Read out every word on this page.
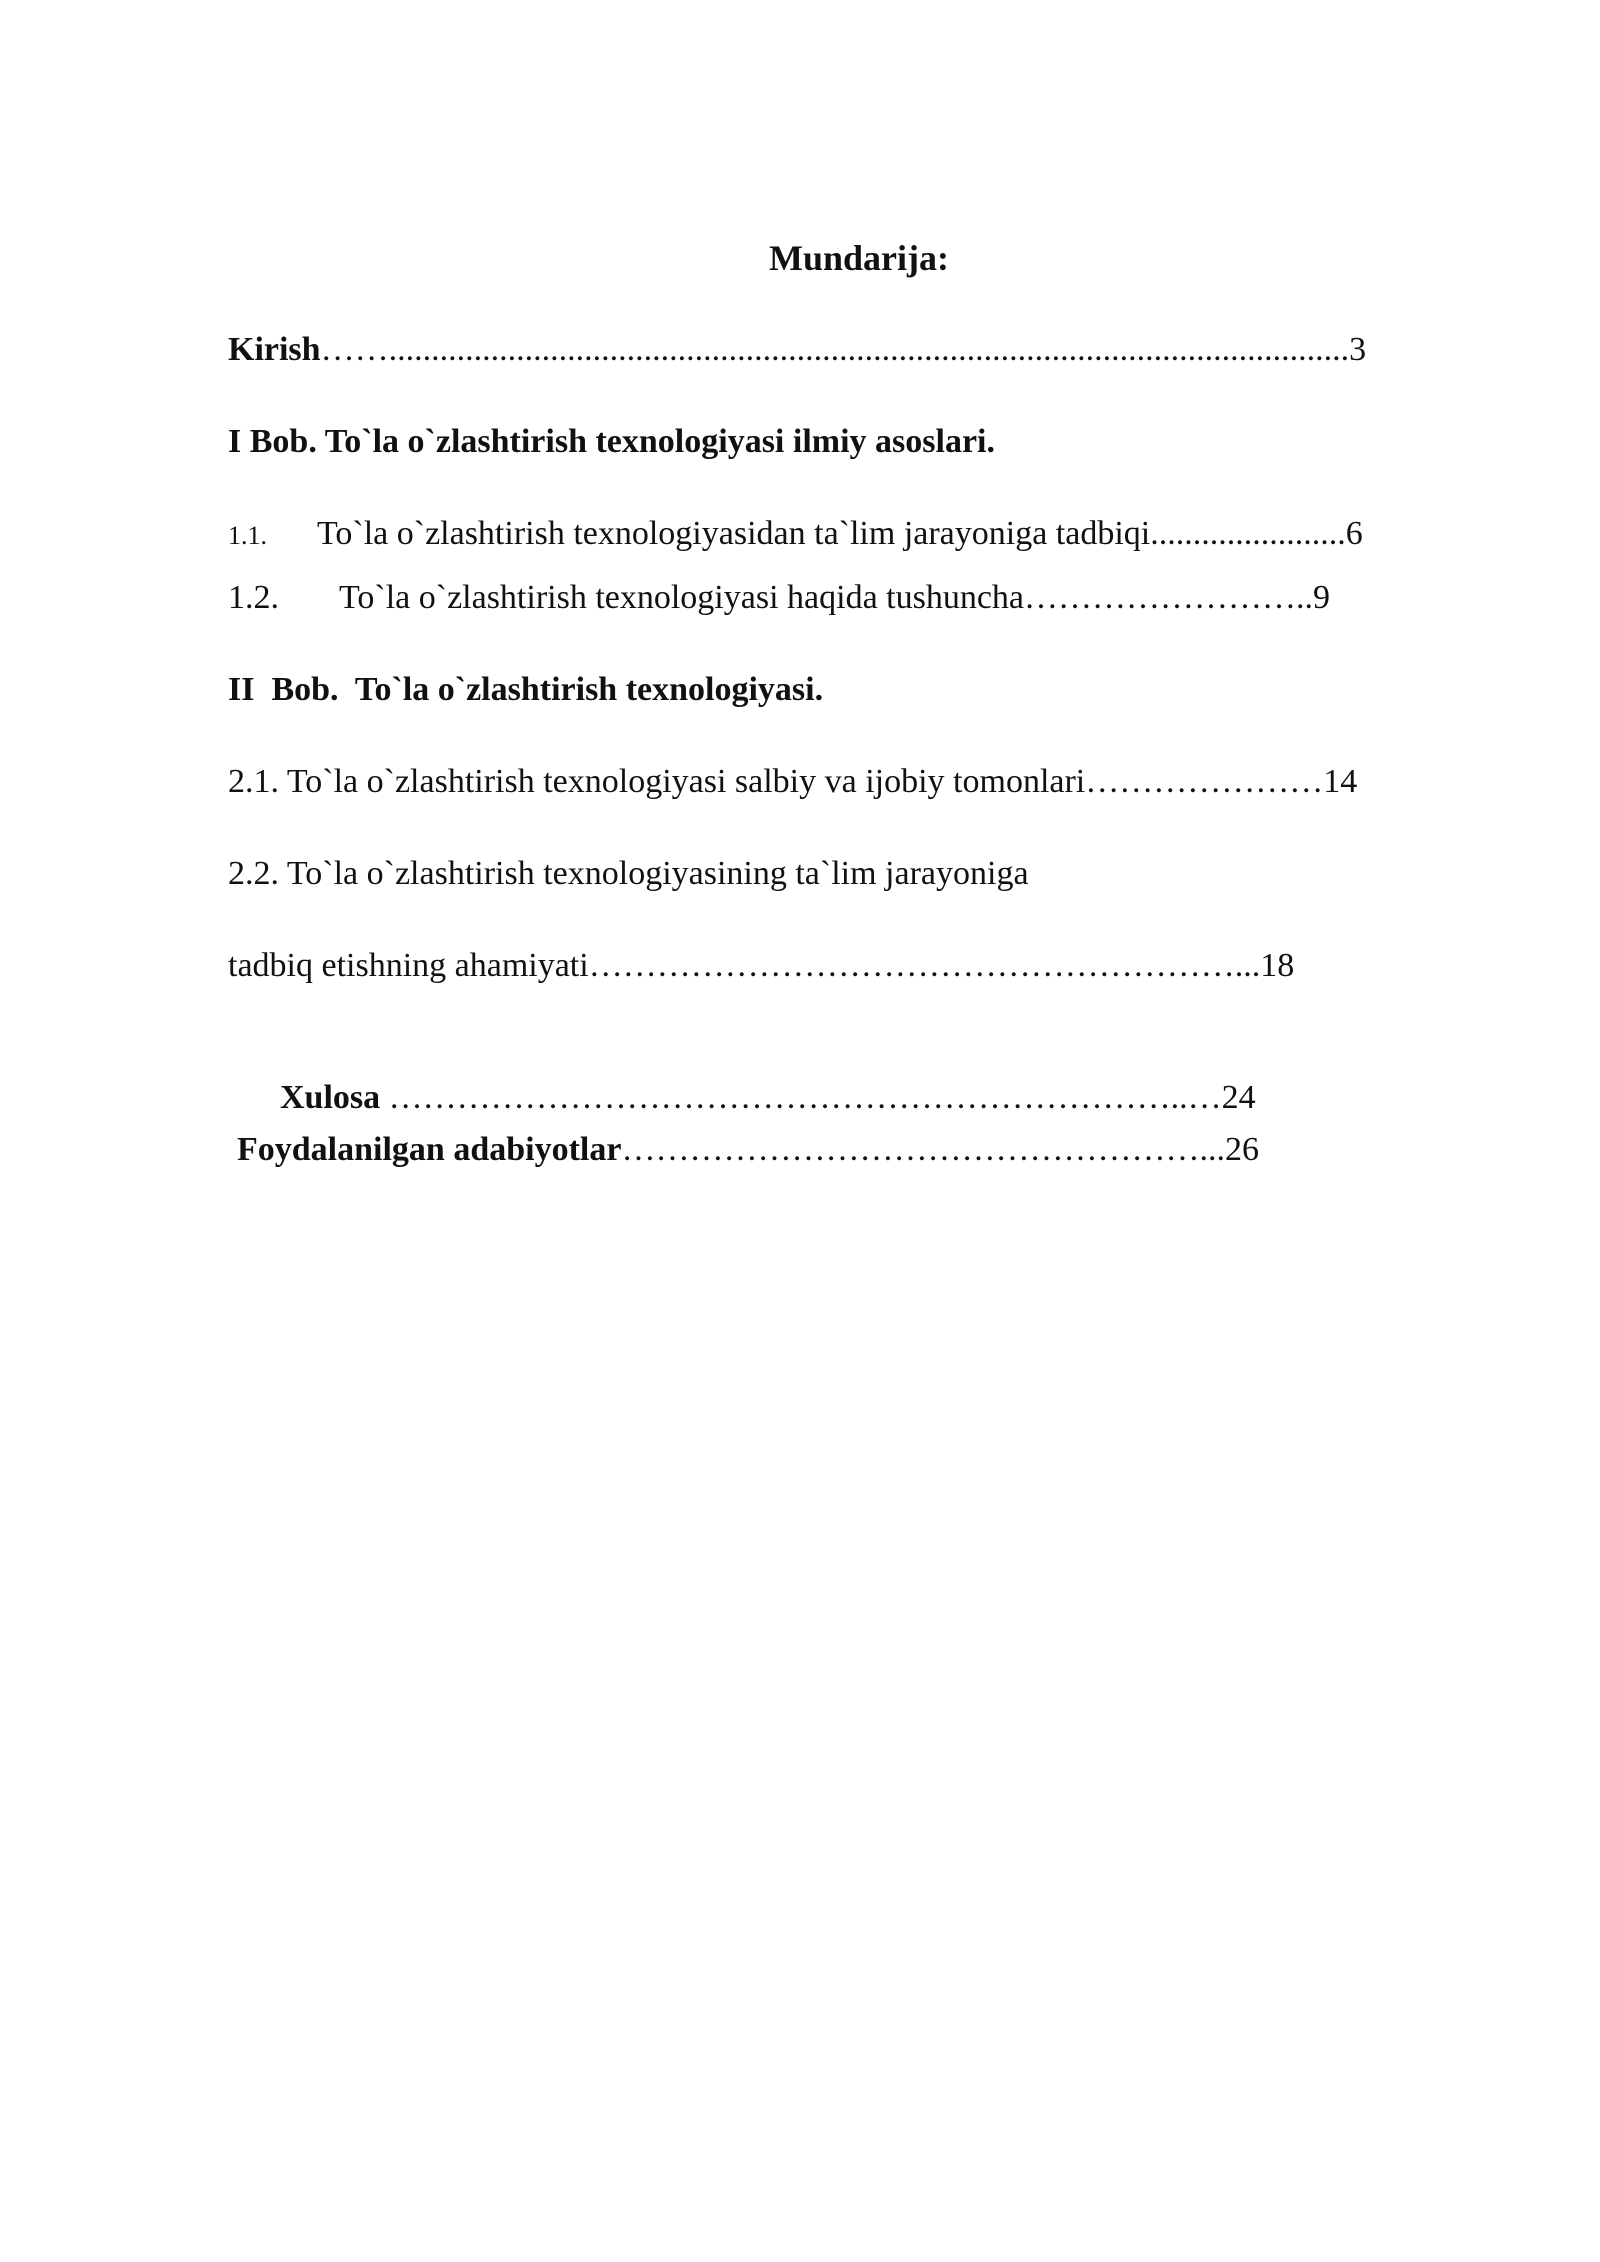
Mundarija:
Kirish…….................................................................................................................3
I Bob. To`la o`zlashtirish texnologiyasi ilmiy asoslari.
1.1. To`la o`zlashtirish texnologiyasidan ta`lim jarayoniga tadbiqi.......................6
1.2. To`la o`zlashtirish texnologiyasi haqida tushuncha……………………..9
II  Bob.  To`la o`zlashtirish texnologiyasi.
2.1. To`la o`zlashtirish texnologiyasi salbiy va ijobiy tomonlari…………………14
2.2. To`la o`zlashtirish texnologiyasining ta`lim jarayoniga
tadbiq etishning ahamiyati…………………………………………………...18

Xulosa ……………………………………………………………..…24

Foydalanilgan adabiyotlar……………………………………………...26
